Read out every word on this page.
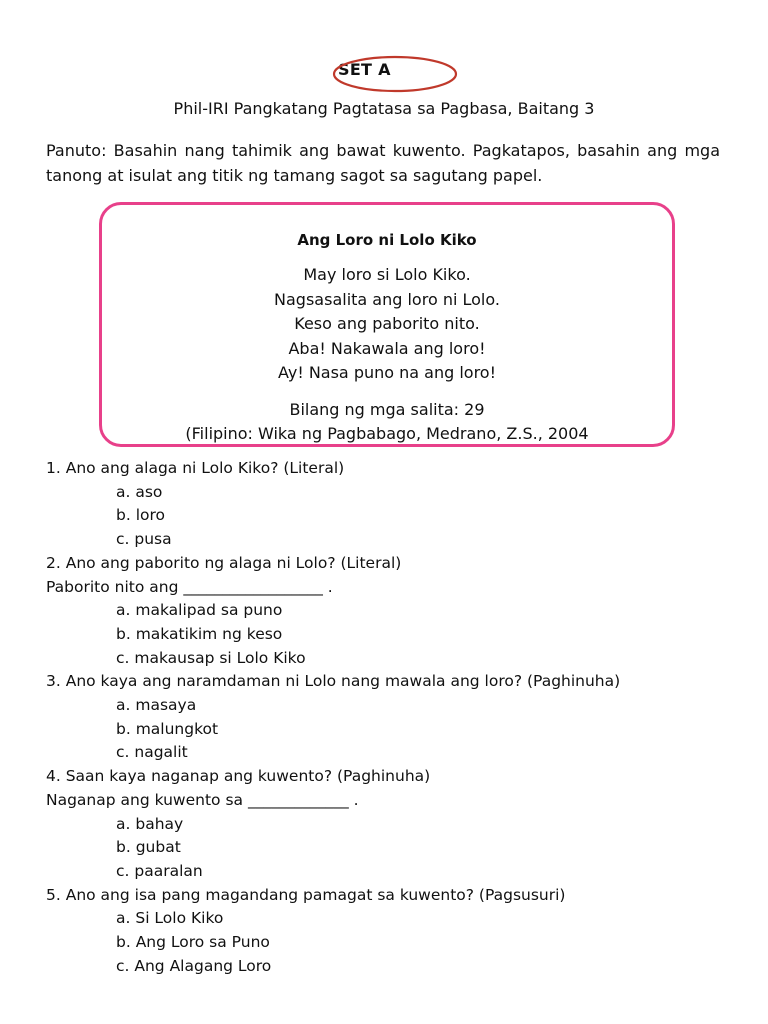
SET A
Phil-IRI Pangkatang Pagtatasa sa Pagbasa, Baitang 3
Panuto: Basahin nang tahimik ang bawat kuwento. Pagkatapos, basahin ang mga tanong at isulat ang titik ng tamang sagot sa sagutang papel.
Ang Loro ni Lolo Kiko
May loro si Lolo Kiko.
Nagsasalita ang loro ni Lolo.
Keso ang paborito nito.
Aba! Nakawala ang loro!
Ay! Nasa puno na ang loro!
Bilang ng mga salita: 29
(Filipino: Wika ng Pagbabago, Medrano, Z.S., 2004
1. Ano ang alaga ni Lolo Kiko? (Literal)
a. aso
b. loro
c. pusa
2. Ano ang paborito ng alaga ni Lolo? (Literal)
Paborito nito ang __________________ .
a. makalipad sa puno
b. makatikim ng keso
c. makausap si Lolo Kiko
3. Ano kaya ang naramdaman ni Lolo nang mawala ang loro? (Paghinuha)
a. masaya
b. malungkot
c. nagalit
4. Saan kaya naganap ang kuwento? (Paghinuha)
Naganap ang kuwento sa _____________ .
a. bahay
b. gubat
c. paaralan
5. Ano ang isa pang magandang pamagat sa kuwento? (Pagsusuri)
a. Si Lolo Kiko
b. Ang Loro sa Puno
c. Ang Alagang Loro
